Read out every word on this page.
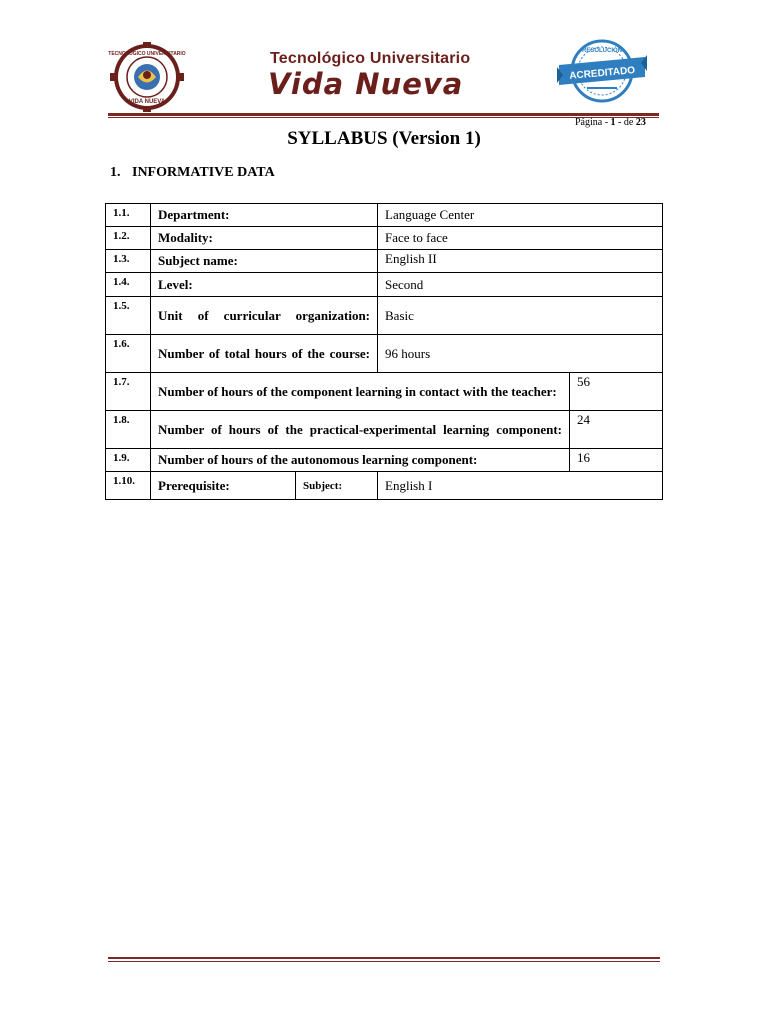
TECNOLÓGICO UNIVERSITARIO
VIDA NUEVA
Tecnológico Universitario
Vida Nueva
RESOLUCIÓN
ACREDITADO
Página - 1 - de 23
SYLLABUS (Version 1)
1. INFORMATIVE DATA
1.1.	Department:		Language Center	
1.2.	Modality:		Face to face	
1.3.	Subject name:		English II	
1.4.	Level:		Second	
1.5.	Unit of curricular organization:		Basic	
1.6.	Number of total hours of the course:		96 hours	
1.7.	Number of hours of the component learning in contact with the teacher:			56
1.8.	Number of hours of the practical-experimental learning component:			24
1.9.	Number of hours of the autonomous learning component:			16
1.10.	Prerequisite:	Subject:	English I	
